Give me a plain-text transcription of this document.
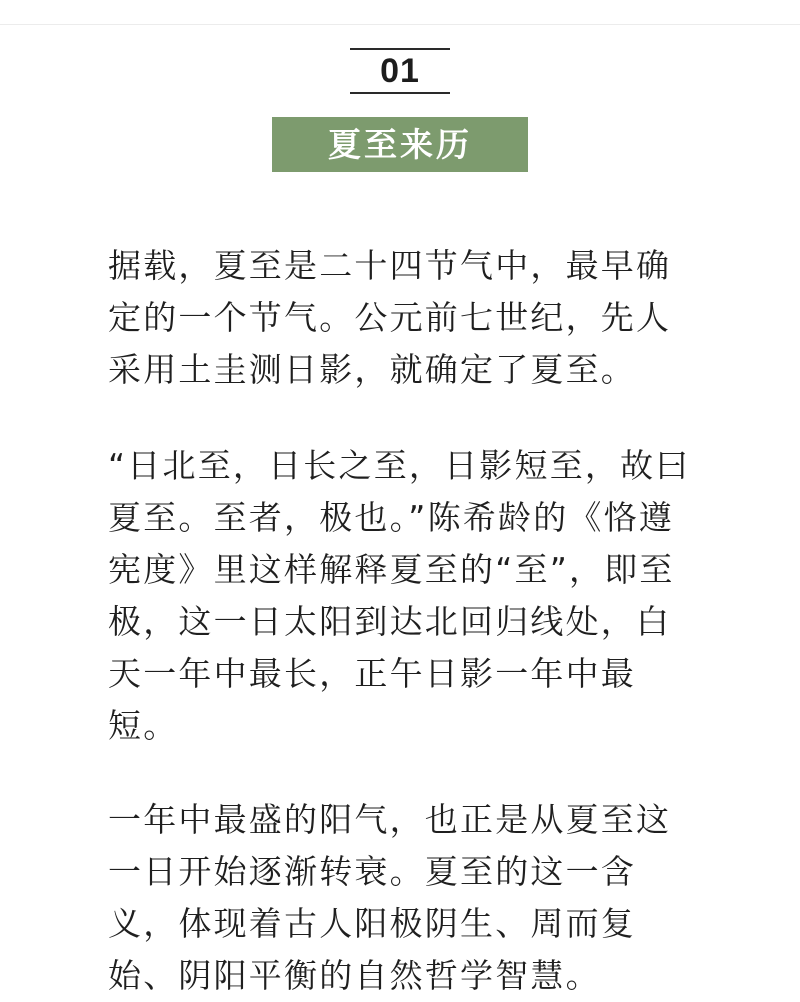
01
夏至来历

据载，夏至是二十四节气中，最早确定的一个节气。公元前七世纪，先人采用土圭测日影，就确定了夏至。

“日北至，日长之至，日影短至，故曰夏至。至者，极也。”陈希龄的《恪遵宪度》里这样解释夏至的“至”，即至极，这一日太阳到达北回归线处，白天一年中最长，正午日影一年中最短。

一年中最盛的阳气，也正是从夏至这一日开始逐渐转衰。夏至的这一含义，体现着古人阳极阴生、周而复始、阴阳平衡的自然哲学智慧。
